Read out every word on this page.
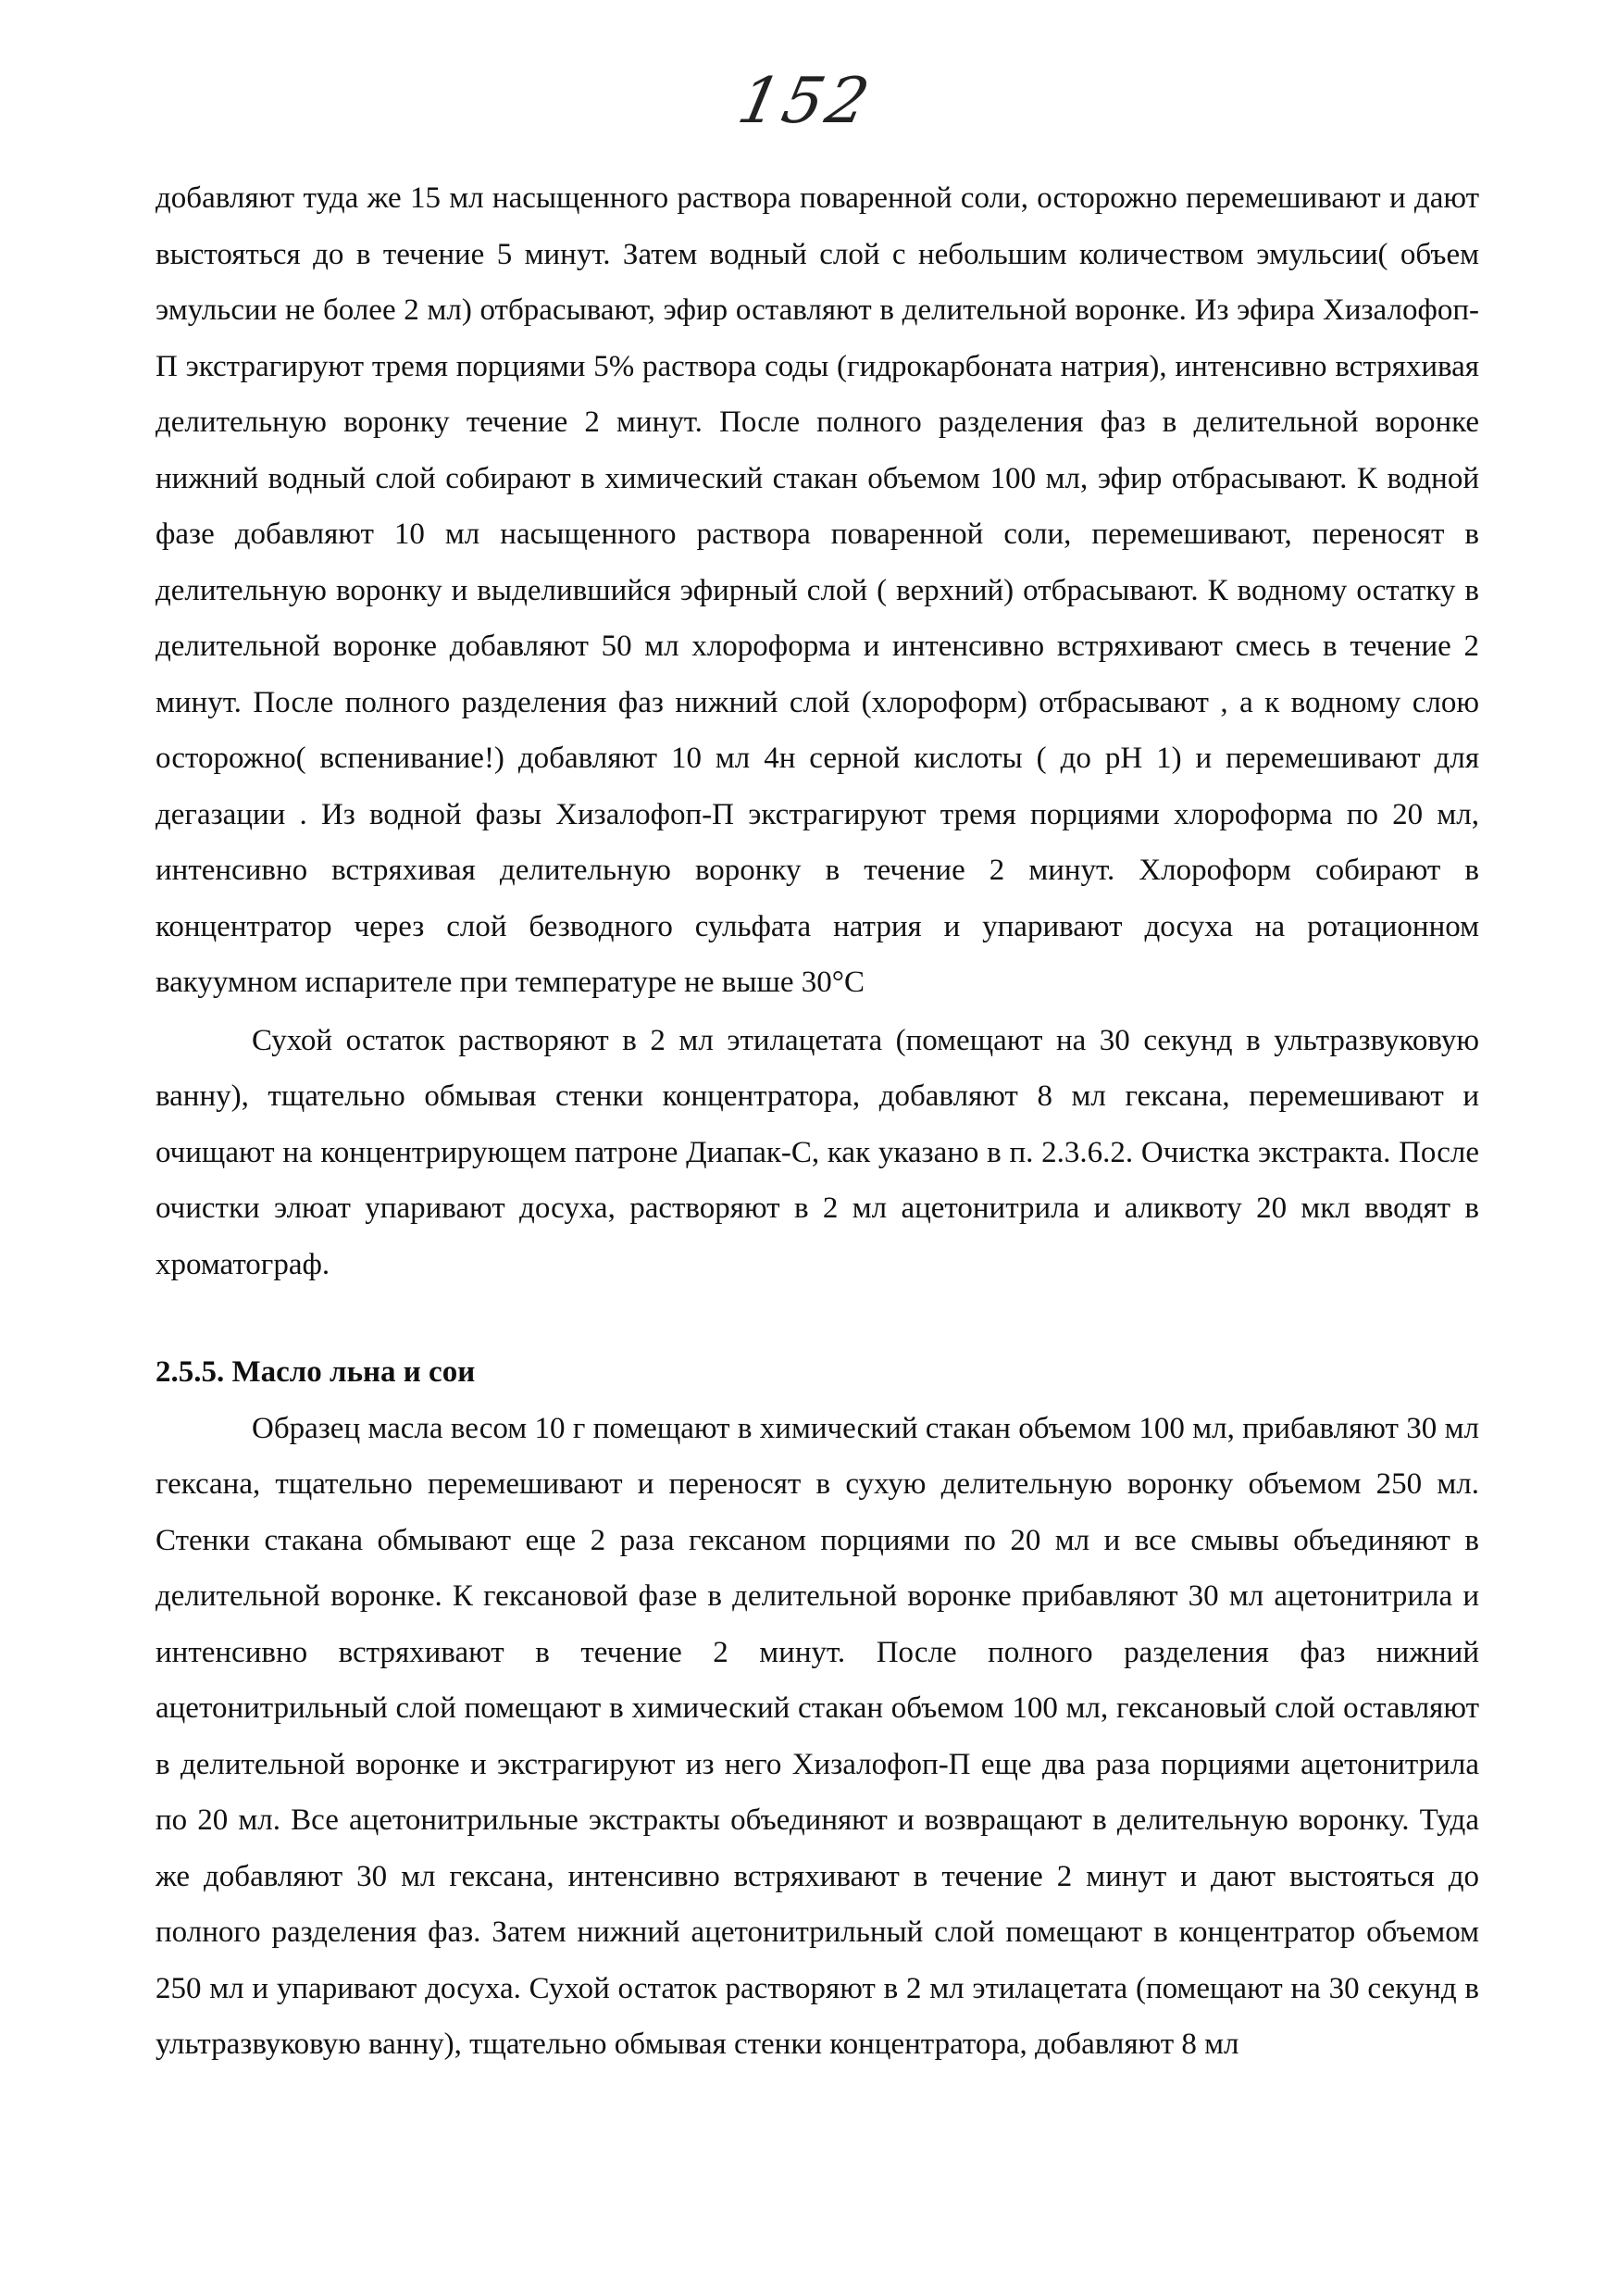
152

добавляют туда же 15 мл насыщенного раствора поваренной соли, осторожно перемешивают и дают выстояться до в течение 5 минут. Затем водный слой с небольшим количеством эмульсии( объем эмульсии не более 2 мл) отбрасывают, эфир оставляют в делительной воронке. Из эфира Хизалофоп-П экстрагируют тремя порциями 5% раствора соды (гидрокарбоната натрия), интенсивно встряхивая делительную воронку течение 2 минут. После полного разделения фаз в делительной воронке нижний водный слой собирают в химический стакан объемом 100 мл, эфир отбрасывают. К водной фазе добавляют 10 мл насыщенного раствора поваренной соли, перемешивают, переносят в делительную воронку и выделившийся эфирный слой ( верхний) отбрасывают. К водному остатку в делительной воронке добавляют 50 мл хлороформа и интенсивно встряхивают смесь в течение 2 минут. После полного разделения фаз нижний слой (хлороформ) отбрасывают , а к водному слою осторожно( вспенивание!) добавляют 10 мл 4н серной кислоты ( до рН 1) и перемешивают для дегазации . Из водной фазы Хизалофоп-П экстрагируют тремя порциями хлороформа по 20 мл, интенсивно встряхивая делительную воронку в течение 2 минут. Хлороформ собирают в концентратор через слой безводного сульфата натрия и упаривают досуха на ротационном вакуумном испарителе при температуре не выше 30°С

Сухой остаток растворяют в 2 мл этилацетата (помещают на 30 секунд в ультразвуковую ванну), тщательно обмывая стенки концентратора, добавляют 8 мл гексана, перемешивают и очищают на концентрирующем патроне Диапак-С, как указано в п. 2.3.6.2. Очистка экстракта. После очистки элюат упаривают досуха, растворяют в 2 мл ацетонитрила и аликвоту 20 мкл вводят в хроматограф.

2.5.5. Масло льна и сои

Образец масла весом 10 г помещают в химический стакан объемом 100 мл, прибавляют 30 мл гексана, тщательно перемешивают и переносят в сухую делительную воронку объемом 250 мл. Стенки стакана обмывают еще 2 раза гексаном порциями по 20 мл и все смывы объединяют в делительной воронке. К гексановой фазе в делительной воронке прибавляют 30 мл ацетонитрила и интенсивно встряхивают в течение 2 минут. После полного разделения фаз нижний ацетонитрильный слой помещают в химический стакан объемом 100 мл, гексановый слой оставляют в делительной воронке и экстрагируют из него Хизалофоп-П еще два раза порциями ацетонитрила по 20 мл. Все ацетонитрильные экстракты объединяют и возвращают в делительную воронку. Туда же добавляют 30 мл гексана, интенсивно встряхивают в течение 2 минут и дают выстояться до полного разделения фаз. Затем нижний ацетонитрильный слой помещают в концентратор объемом 250 мл и упаривают досуха. Сухой остаток растворяют в 2 мл этилацетата (помещают на 30 секунд в ультразвуковую ванну), тщательно обмывая стенки концентратора, добавляют 8 мл
